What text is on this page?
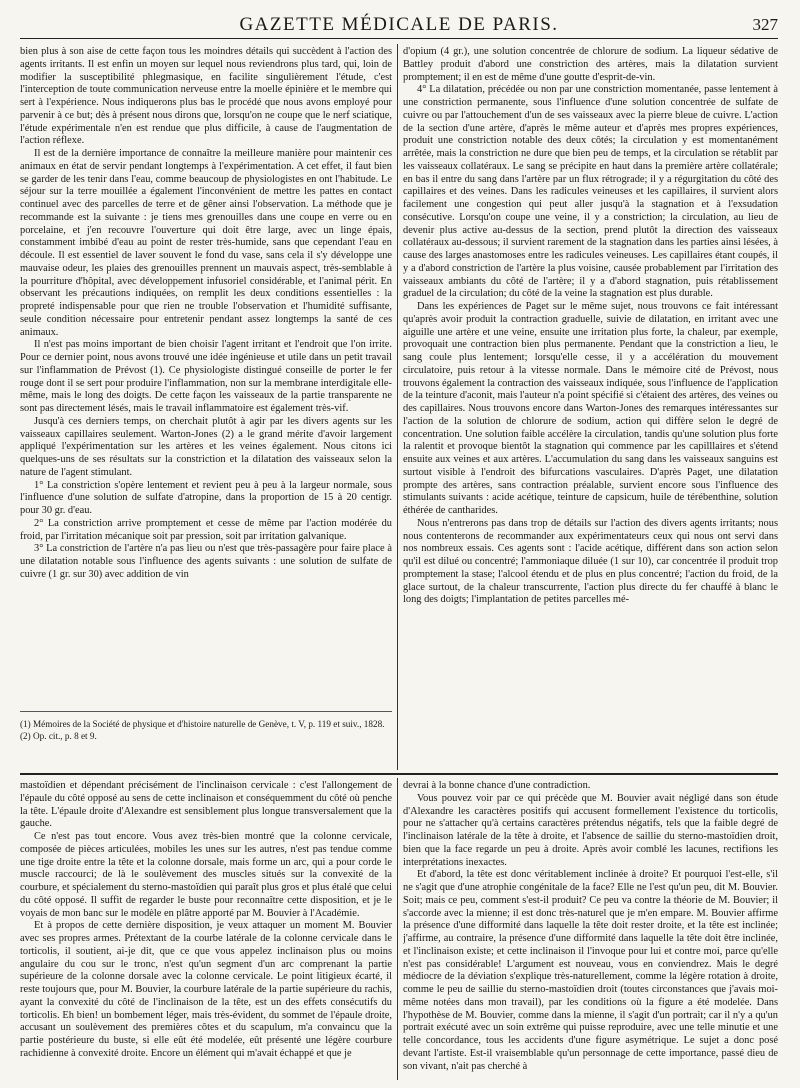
GAZETTE MÉDICALE DE PARIS.	327

bien plus à son aise de cette façon tous les moindres détails qui succèdent à l'action des agents irritants. Il est enfin un moyen sur lequel nous reviendrons plus tard, qui, loin de modifier la susceptibilité phlegmasique, en facilite singulièrement l'étude, c'est l'interception de toute communication nerveuse entre la moelle épinière et le membre qui sert à l'expérience. Nous indiquerons plus bas le procédé que nous avons employé pour parvenir à ce but; dès à présent nous dirons que, lorsqu'on ne coupe que le nerf sciatique, l'étude expérimentale n'en est rendue que plus difficile, à cause de l'augmentation de l'action réflexe.

Il est de la dernière importance de connaître la meilleure manière pour maintenir ces animaux en état de servir pendant longtemps à l'expérimentation. A cet effet, il faut bien se garder de les tenir dans l'eau, comme beaucoup de physiologistes en ont l'habitude. Le séjour sur la terre mouillée a également l'inconvénient de mettre les pattes en contact continuel avec des parcelles de terre et de gêner ainsi l'observation. La méthode que je recommande est la suivante : je tiens mes grenouilles dans une coupe en verre ou en porcelaine, et j'en recouvre l'ouverture qui doit être large, avec un linge épais, constamment imbibé d'eau au point de rester très-humide, sans que cependant l'eau en découle. Il est essentiel de laver souvent le fond du vase, sans cela il s'y développe une mauvaise odeur, les plaies des grenouilles prennent un mauvais aspect, très-semblable à la pourriture d'hôpital, avec développement infusoriel considérable, et l'animal périt. En observant les précautions indiquées, on remplit les deux conditions essentielles : la propreté indispensable pour que rien ne trouble l'observation et l'humidité suffisante, seule condition nécessaire pour entretenir pendant assez longtemps la santé de ces animaux.

Il n'est pas moins important de bien choisir l'agent irritant et l'endroit que l'on irrite. Pour ce dernier point, nous avons trouvé une idée ingénieuse et utile dans un petit travail sur l'inflammation de Prévost (1). Ce physiologiste distingué conseille de porter le fer rouge dont il se sert pour produire l'inflammation, non sur la membrane interdigitale elle-même, mais le long des doigts. De cette façon les vaisseaux de la partie transparente ne sont pas directement lésés, mais le travail inflammatoire est également très-vif.

Jusqu'à ces derniers temps, on cherchait plutôt à agir par les divers agents sur les vaisseaux capillaires seulement. Warton-Jones (2) a le grand mérite d'avoir largement appliqué l'expérimentation sur les artères et les veines également. Nous citons ici quelques-uns de ses résultats sur la constriction et la dilatation des vaisseaux selon la nature de l'agent stimulant.

1° La constriction s'opère lentement et revient peu à peu à la largeur normale, sous l'influence d'une solution de sulfate d'atropine, dans la proportion de 15 à 20 centigr. pour 30 gr. d'eau.

2° La constriction arrive promptement et cesse de même par l'action modérée du froid, par l'irritation mécanique soit par pression, soit par irritation galvanique.

3° La constriction de l'artère n'a pas lieu ou n'est que très-passagère pour faire place à une dilatation notable sous l'influence des agents suivants : une solution de sulfate de cuivre (1 gr. sur 30) avec addition de vin

(1) Mémoires de la Société de physique et d'histoire naturelle de Genève, t. V, p. 119 et suiv., 1828.

(2) Op. cit., p. 8 et 9.

d'opium (4 gr.), une solution concentrée de chlorure de sodium. La liqueur sédative de Battley produit d'abord une constriction des artères, mais la dilatation survient promptement; il en est de même d'une goutte d'esprit-de-vin.

4° La dilatation, précédée ou non par une constriction momentanée, passe lentement à une constriction permanente, sous l'influence d'une solution concentrée de sulfate de cuivre ou par l'attouchement d'un de ses vaisseaux avec la pierre bleue de cuivre. L'action de la section d'une artère, d'après le même auteur et d'après mes propres expériences, produit une constriction notable des deux côtés; la circulation y est momentanément arrêtée, mais la constriction ne dure que bien peu de temps, et la circulation se rétablit par les vaisseaux collatéraux. Le sang se précipite en haut dans la première artère collatérale; en bas il entre du sang dans l'artère par un flux rétrograde; il y a régurgitation du côté des capillaires et des veines. Dans les radicules veineuses et les capillaires, il survient alors facilement une congestion qui peut aller jusqu'à la stagnation et à l'exsudation consécutive. Lorsqu'on coupe une veine, il y a constriction; la circulation, au lieu de devenir plus active au-dessus de la section, prend plutôt la direction des vaisseaux collatéraux au-dessous; il survient rarement de la stagnation dans les parties ainsi lésées, à cause des larges anastomoses entre les radicules veineuses. Les capillaires étant coupés, il y a d'abord constriction de l'artère la plus voisine, causée probablement par l'irritation des vaisseaux ambiants du côté de l'artère; il y a d'abord stagnation, puis rétablissement graduel de la circulation; du côté de la veine la stagnation est plus durable.

Dans les expériences de Paget sur le même sujet, nous trouvons ce fait intéressant qu'après avoir produit la contraction graduelle, suivie de dilatation, en irritant avec une aiguille une artère et une veine, ensuite une irritation plus forte, la chaleur, par exemple, provoquait une contraction bien plus permanente. Pendant que la constriction a lieu, le sang coule plus lentement; lorsqu'elle cesse, il y a accélération du mouvement circulatoire, puis retour à la vitesse normale. Dans le mémoire cité de Prévost, nous trouvons également la contraction des vaisseaux indiquée, sous l'influence de l'application de la teinture d'aconit, mais l'auteur n'a point spécifié si c'étaient des artères, des veines ou des capillaires. Nous trouvons encore dans Warton-Jones des remarques intéressantes sur l'action de la solution de chlorure de sodium, action qui diffère selon le degré de concentration. Une solution faible accélère la circulation, tandis qu'une solution plus forte la ralentit et provoque bientôt la stagnation qui commence par les capilllaires et s'étend ensuite aux veines et aux artères. L'accumulation du sang dans les vaisseaux sanguins est surtout visible à l'endroit des bifurcations vasculaires. D'après Paget, une dilatation prompte des artères, sans contraction préalable, survient encore sous l'influence des stimulants suivants : acide acétique, teinture de capsicum, huile de térébenthine, solution éthérée de cantharides.

Nous n'entrerons pas dans trop de détails sur l'action des divers agents irritants; nous nous contenterons de recommander aux expérimentateurs ceux qui nous ont servi dans nos nombreux essais. Ces agents sont : l'acide acétique, différent dans son action selon qu'il est dilué ou concentré; l'ammoniaque diluée (1 sur 10), car concentrée il produit trop promptement la stase; l'alcool étendu et de plus en plus concentré; l'action du froid, de la glace surtout, de la chaleur transcurrente, l'action plus directe du fer chauffé à blanc le long des doigts; l'implantation de petites parcelles mé-

mastoïdien et dépendant précisément de l'inclinaison cervicale : c'est l'allongement de l'épaule du côté opposé au sens de cette inclinaison et conséquemment du côté où penche la tête. L'épaule droite d'Alexandre est sensiblement plus longue transversalement que la gauche.

Ce n'est pas tout encore. Vous avez très-bien montré que la colonne cervicale, composée de pièces articulées, mobiles les unes sur les autres, n'est pas tendue comme une tige droite entre la tête et la colonne dorsale, mais forme un arc, qui a pour corde le muscle raccourci; de là le soulèvement des muscles situés sur la convexité de la courbure, et spécialement du sterno-mastoïdien qui paraît plus gros et plus étalé que celui du côté opposé. Il suffit de regarder le buste pour reconnaître cette disposition, et je le voyais de mon banc sur le modèle en plâtre apporté par M. Bouvier à l'Académie.

Et à propos de cette dernière disposition, je veux attaquer un moment M. Bouvier avec ses propres armes. Prétextant de la courbe latérale de la colonne cervicale dans le torticolis, il soutient, ai-je dit, que ce que vous appelez inclinaison plus ou moins angulaire du cou sur le tronc, n'est qu'un segment d'un arc comprenant la partie supérieure de la colonne dorsale avec la colonne cervicale. Le point litigieux écarté, il reste toujours que, pour M. Bouvier, la courbure latérale de la partie supérieure du rachis, ayant la convexité du côté de l'inclinaison de la tête, est un des effets consécutifs du torticolis. Eh bien! un bombement léger, mais très-évident, du sommet de l'épaule droite, accusant un soulèvement des premières côtes et du scapulum, m'a convaincu que la partie postérieure du buste, si elle eût été modelée, eût présenté une légère courbure rachidienne à convexité droite. Encore un élément qui m'avait échappé et que je

devrai à la bonne chance d'une contradiction.

Vous pouvez voir par ce qui précède que M. Bouvier avait négligé dans son étude d'Alexandre les caractères positifs qui accusent formellement l'existence du torticolis, pour ne s'attacher qu'à certains caractères prétendus négatifs, tels que la faible degré de l'inclinaison latérale de la tête à droite, et l'absence de saillie du sterno-mastoïdien droit, bien que la face regarde un peu à droite. Après avoir comblé les lacunes, rectifions les interprétations inexactes.

Et d'abord, la tête est donc véritablement inclinée à droite? Et pourquoi l'est-elle, s'il ne s'agit que d'une atrophie congénitale de la face? Elle ne l'est qu'un peu, dit M. Bouvier. Soit; mais ce peu, comment s'est-il produit? Ce peu va contre la théorie de M. Bouvier; il s'accorde avec la mienne; il est donc très-naturel que je m'en empare. M. Bouvier affirme la présence d'une difformité dans laquelle la tête doit rester droite, et la tête est inclinée; j'affirme, au contraire, la présence d'une difformité dans laquelle la tête doit être inclinée, et l'inclinaison existe; et cette inclinaison il l'invoque pour lui et contre moi, parce qu'elle n'est pas considérable! L'argument est nouveau, vous en conviendrez. Mais le degré médiocre de la déviation s'explique très-naturellement, comme la légère rotation à droite, comme le peu de saillie du sterno-mastoïdien droit (toutes circonstances que j'avais moi-même notées dans mon travail), par les conditions où la figure a été modelée. Dans l'hypothèse de M. Bouvier, comme dans la mienne, il s'agit d'un portrait; car il n'y a qu'un portrait exécuté avec un soin extrême qui puisse reproduire, avec une telle minutie et une telle concordance, tous les accidents d'une figure asymétrique. Le sujet a donc posé devant l'artiste. Est-il vraisemblable qu'un personnage de cette importance, passé dieu de son vivant, n'ait pas cherché à
